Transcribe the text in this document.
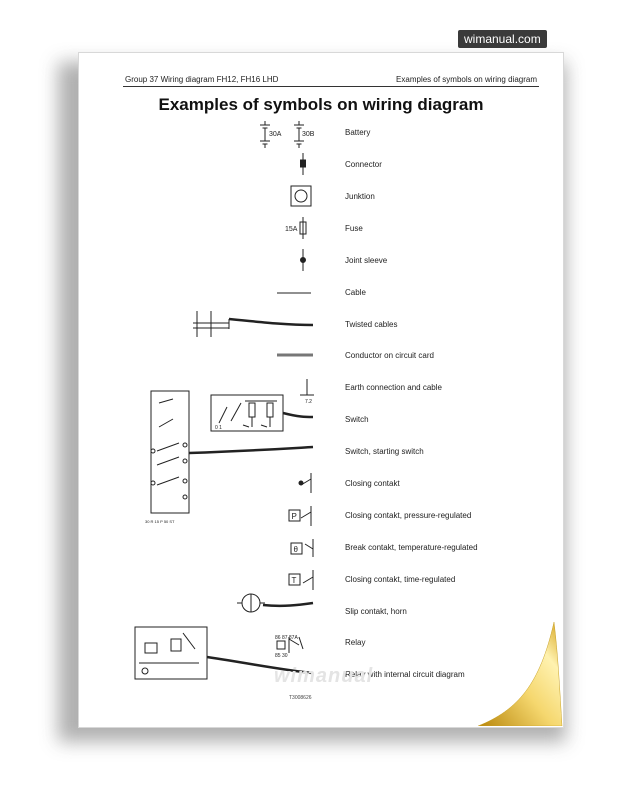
wimanual.com
Group 37 Wiring diagram FH12, FH16 LHD	Examples of symbols on wiring diagram
Examples of symbols on wiring diagram
30A	30B
15A
7.2
0 1
P
θ
T
86 87 87A
85 30
30 R 15 P 50 ST
Battery
Connector
Junktion
Fuse
Joint sleeve
Cable
Twisted cables
Conductor on circuit card
Earth connection and cable
Switch
Switch, starting switch
Closing contakt
Closing contakt, pressure-regulated
Break contakt, temperature-regulated
Closing contakt, time-regulated
Slip contakt, horn
Relay
Relay with internal circuit diagram
wimanual
T3008626
